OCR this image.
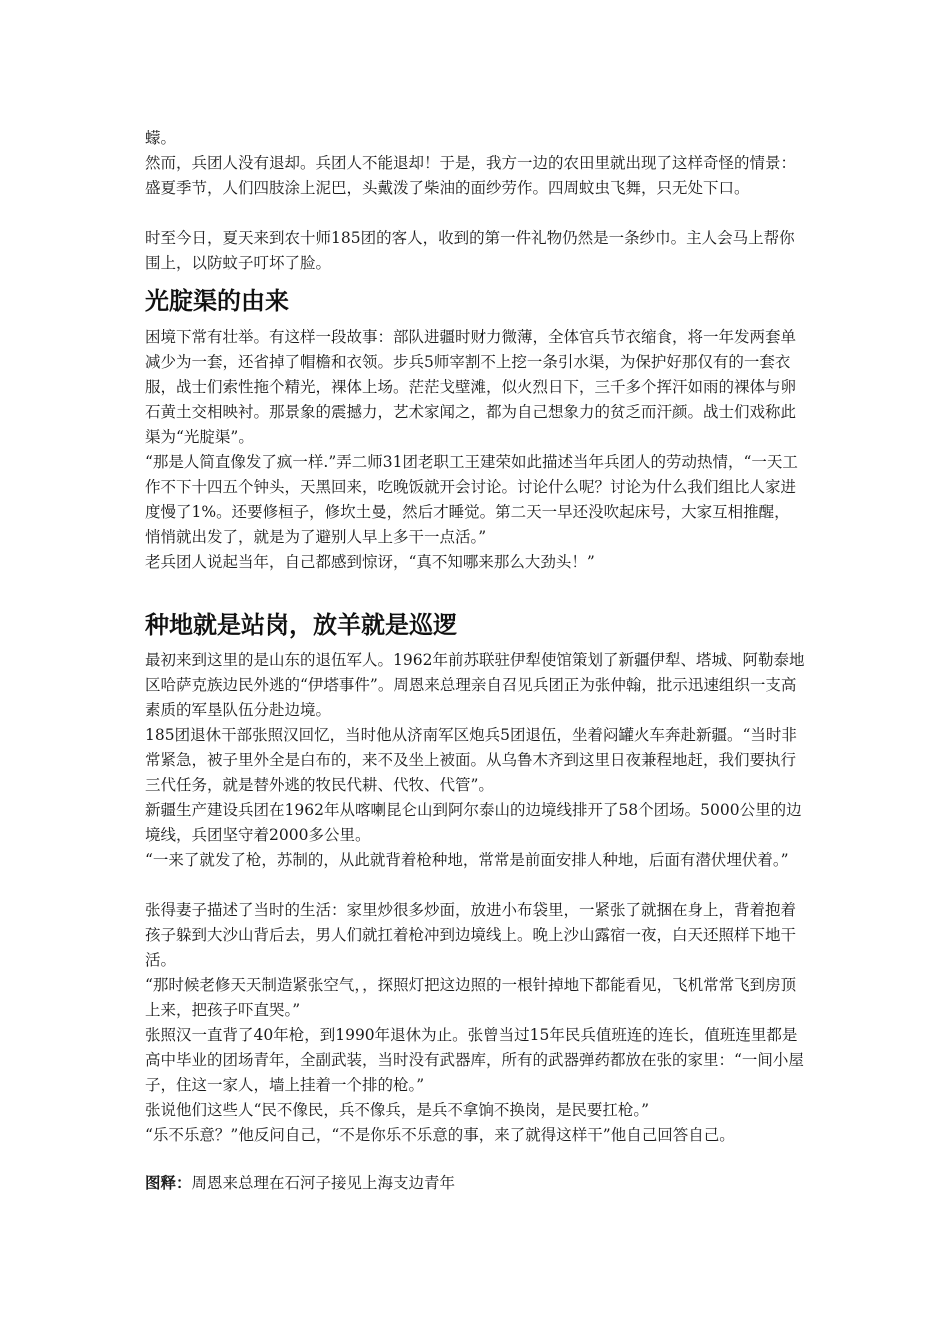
蠓。

然而，兵团人没有退却。兵团人不能退却！于是，我方一边的农田里就出现了这样奇怪的情景：盛夏季节，人们四肢涂上泥巴，头戴泼了柴油的面纱劳作。四周蚊虫飞舞，只无处下口。

时至今日，夏天来到农十师185团的客人，收到的第一件礼物仍然是一条纱巾。主人会马上帮你围上，以防蚊子叮坏了脸。

光腚渠的由来

困境下常有壮举。有这样一段故事：部队进疆时财力微薄，全体官兵节衣缩食，将一年发两套单减少为一套，还省掉了帽檐和衣领。步兵5师宰割不上挖一条引水渠，为保护好那仅有的一套衣服，战士们索性拖个精光，裸体上场。茫茫戈壁滩，似火烈日下，三千多个挥汗如雨的裸体与卵石黄土交相映衬。那景象的震撼力，艺术家闻之，都为自己想象力的贫乏而汗颜。战士们戏称此渠为“光腚渠”。

“那是人简直像发了疯一样.”弄二师31团老职工王建荣如此描述当年兵团人的劳动热情，“一天工作不下十四五个钟头，天黑回来，吃晚饭就开会讨论。讨论什么呢？讨论为什么我们组比人家进度慢了1%。还要修桓子，修坎土曼，然后才睡觉。第二天一早还没吹起床号，大家互相推醒，悄悄就出发了，就是为了避别人早上多干一点活。”

老兵团人说起当年，自己都感到惊讶，“真不知哪来那么大劲头！”

种地就是站岗，放羊就是巡逻

最初来到这里的是山东的退伍军人。1962年前苏联驻伊犁使馆策划了新疆伊犁、塔城、阿勒泰地区哈萨克族边民外逃的“伊塔事件”。周恩来总理亲自召见兵团正为张仲翰，批示迅速组织一支高素质的军垦队伍分赴边境。

185团退休干部张照汉回忆，当时他从济南军区炮兵5团退伍，坐着闷罐火车奔赴新疆。“当时非常紧急，被子里外全是白布的，来不及坐上被面。从乌鲁木齐到这里日夜兼程地赶，我们要执行三代任务，就是替外逃的牧民代耕、代牧、代管”。

新疆生产建设兵团在1962年从喀喇昆仑山到阿尔泰山的边境线排开了58个团场。5000公里的边境线，兵团坚守着2000多公里。

“一来了就发了枪，苏制的，从此就背着枪种地，常常是前面安排人种地，后面有潜伏埋伏着。”

张得妻子描述了当时的生活：家里炒很多炒面，放进小布袋里，一紧张了就捆在身上，背着抱着孩子躲到大沙山背后去，男人们就扛着枪冲到边境线上。晚上沙山露宿一夜，白天还照样下地干活。

“那时候老修天天制造紧张空气，，探照灯把这边照的一根针掉地下都能看见，飞机常常飞到房顶上来，把孩子吓直哭。”

张照汉一直背了40年枪，到1990年退休为止。张曾当过15年民兵值班连的连长，值班连里都是高中毕业的团场青年，全副武装，当时没有武器库，所有的武器弹药都放在张的家里：“一间小屋子，住这一家人，墙上挂着一个排的枪。”

张说他们这些人“民不像民，兵不像兵，是兵不拿饷不换岗，是民要扛枪。”

“乐不乐意？”他反问自己，“不是你乐不乐意的事，来了就得这样干”他自己回答自己。

图释：周恩来总理在石河子接见上海支边青年
